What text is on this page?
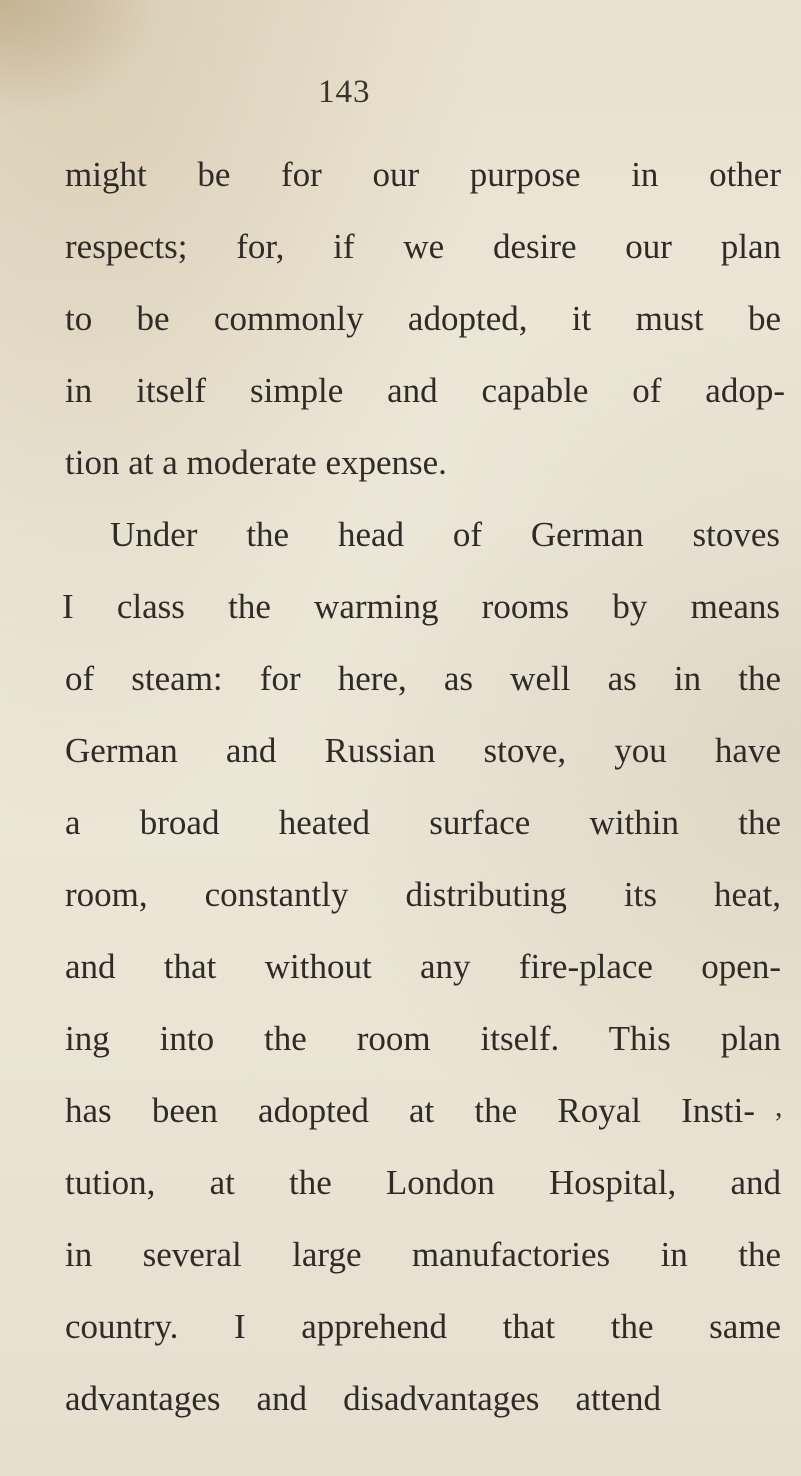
143
might be for our purpose in other
respects; for, if we desire our plan
to be commonly adopted, it must be
in itself simple and capable of adop-
tion at a moderate expense.
Under the head of German stoves
I class the warming rooms by means
of steam: for here, as well as in the
German and Russian stove, you have
a broad heated surface within the
room, constantly distributing its heat,
and that without any fire-place open-
ing into the room itself. This plan
has been adopted at the Royal Insti-
tution, at the London Hospital, and
in several large manufactories in the
country. I apprehend that the same
advantages and disadvantages attend
,
